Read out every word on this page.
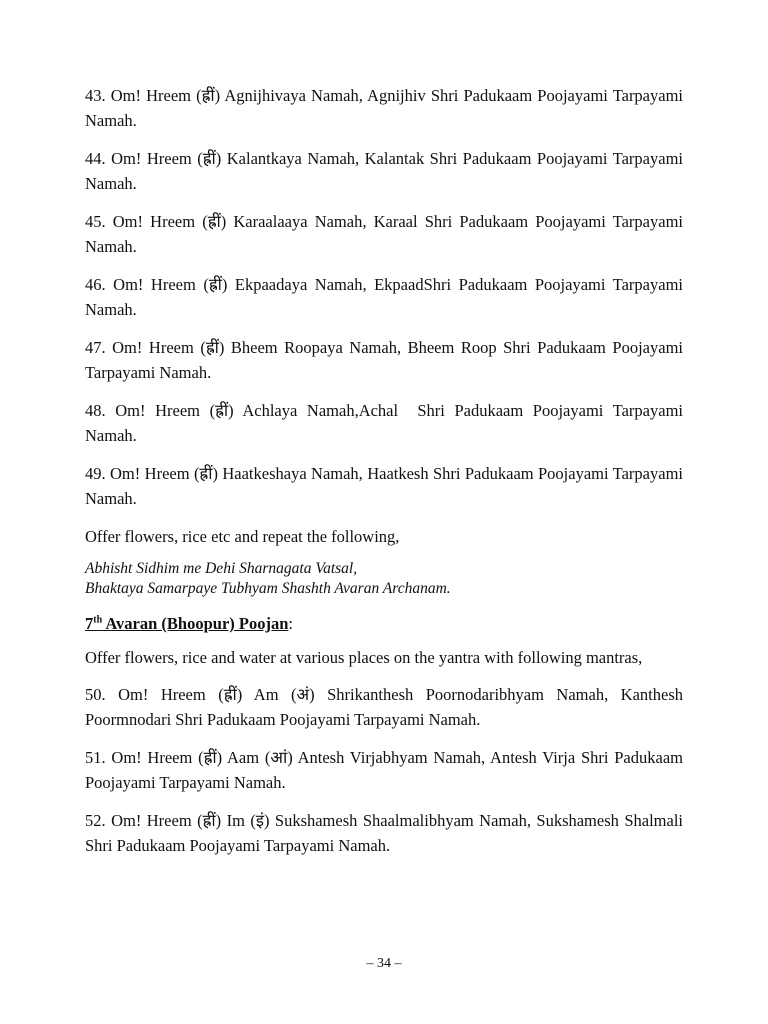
43. Om! Hreem (ह्रीं) Agnijhivaya Namah, Agnijhiv Shri Padukaam Poojayami Tarpayami Namah.

44. Om! Hreem (ह्रीं) Kalantkaya Namah, Kalantak Shri Padukaam Poojayami Tarpayami Namah.

45. Om! Hreem (ह्रीं) Karaalaaya Namah, Karaal Shri Padukaam Poojayami Tarpayami Namah.

46. Om! Hreem (ह्रीं) Ekpaadaya Namah, EkpaadShri Padukaam Poojayami Tarpayami Namah.

47. Om! Hreem (ह्रीं) Bheem Roopaya Namah, Bheem Roop Shri Padukaam Poojayami Tarpayami Namah.

48. Om! Hreem (ह्रीं) Achlaya Namah,Achal  Shri Padukaam Poojayami Tarpayami Namah.

49. Om! Hreem (ह्रीं) Haatkeshaya Namah, Haatkesh Shri Padukaam Poojayami Tarpayami Namah.

Offer flowers, rice etc and repeat the following,

Abhisht Sidhim me Dehi Sharnagata Vatsal,
Bhaktaya Samarpaye Tubhyam Shashth Avaran Archanam.
7th Avaran (Bhoopur) Poojan:

Offer flowers, rice and water at various places on the yantra with following mantras,

50. Om! Hreem (ह्रीं) Am (अं) Shrikanthesh Poornodaribhyam Namah, Kanthesh Poormnodari Shri Padukaam Poojayami Tarpayami Namah.

51. Om! Hreem (ह्रीं) Aam (आं) Antesh Virjabhyam Namah, Antesh Virja Shri Padukaam Poojayami Tarpayami Namah.

52. Om! Hreem (ह्रीं) Im (इं) Sukshamesh Shaalmalibhyam Namah, Sukshamesh Shalmali Shri Padukaam Poojayami Tarpayami Namah.

– 34 –
